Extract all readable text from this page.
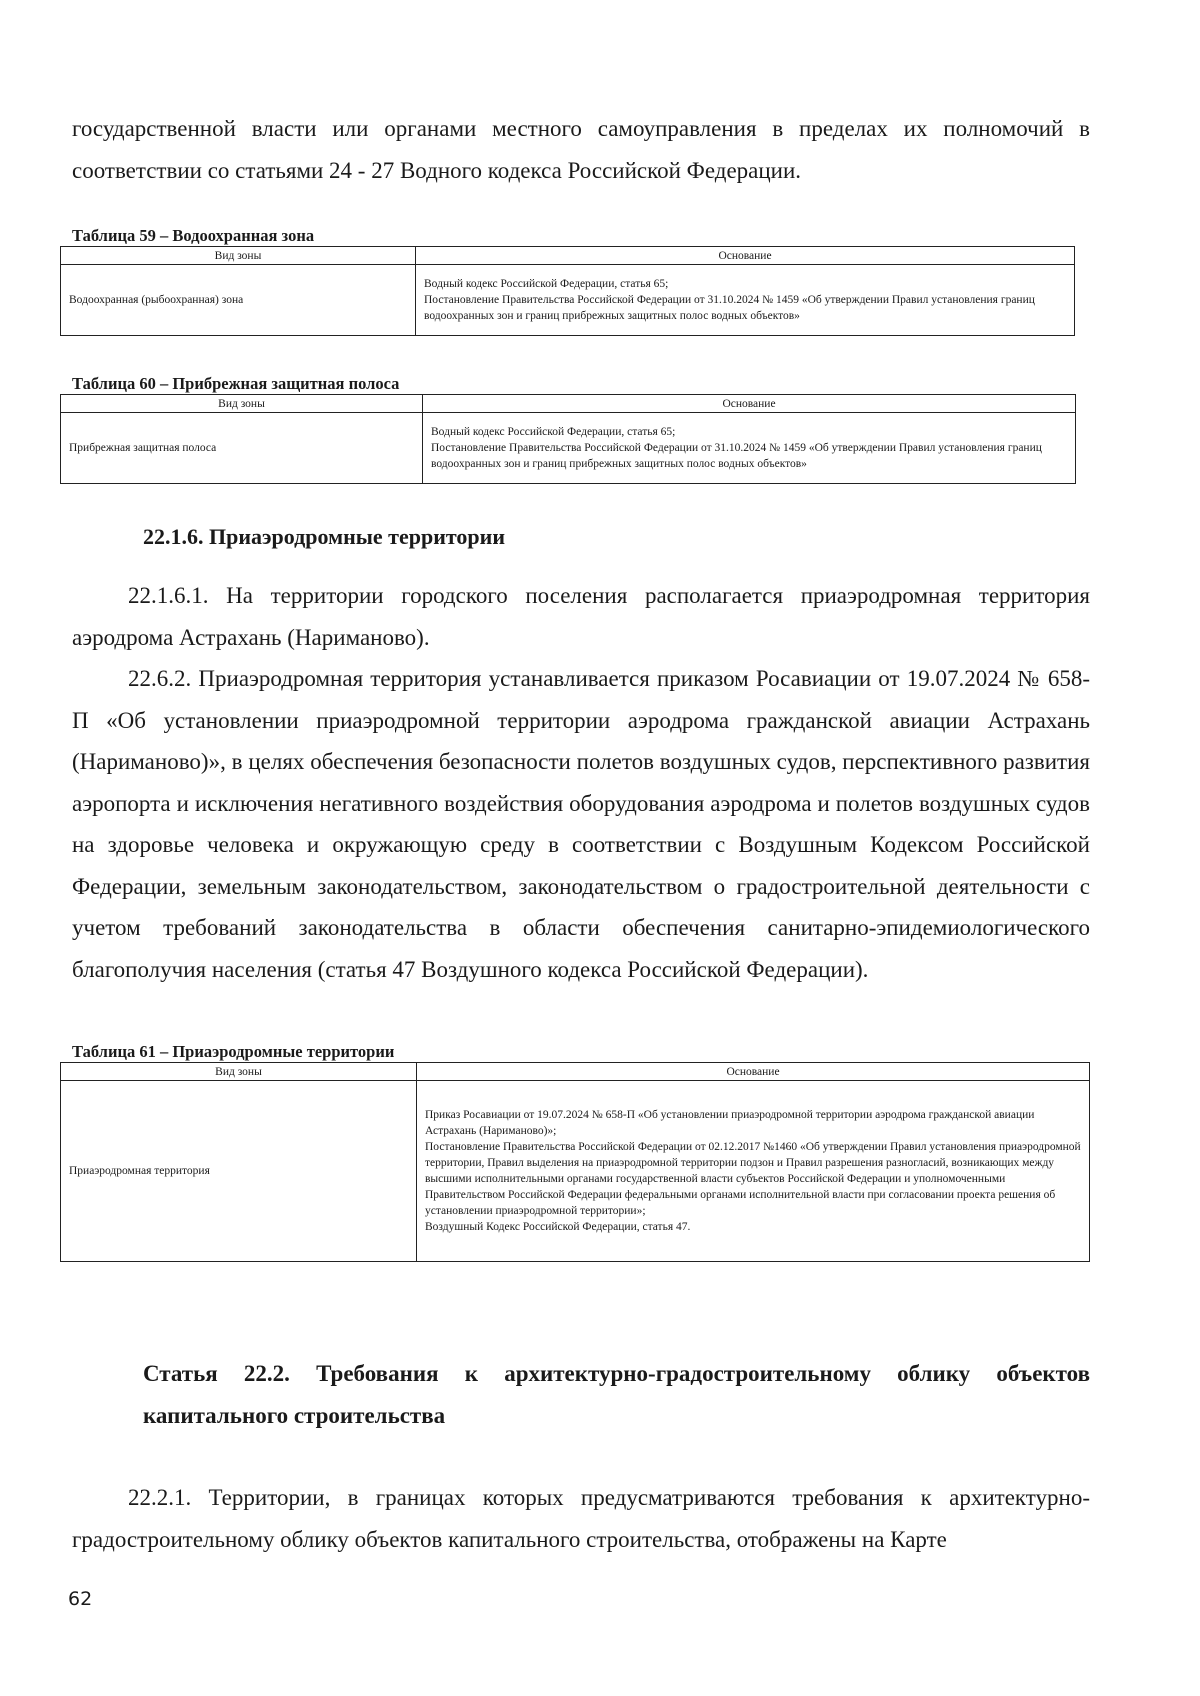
государственной власти или органами местного самоуправления в пределах их полномочий в соответствии со статьями 24 - 27 Водного кодекса Российской Федерации.

Таблица 59 – Водоохранная зона

Вид зоны	Основание
Водоохранная (рыбоохранная) зона	Водный кодекс Российской Федерации, статья 65;
Постановление Правительства Российской Федерации от 31.10.2024 № 1459 «Об утверждении Правил установления границ водоохранных зон и границ прибрежных защитных полос водных объектов»

Таблица 60 – Прибрежная защитная полоса

Вид зоны	Основание
Прибрежная защитная полоса	Водный кодекс Российской Федерации, статья 65;
Постановление Правительства Российской Федерации от 31.10.2024 № 1459 «Об утверждении Правил установления границ водоохранных зон и границ прибрежных защитных полос водных объектов»

22.1.6. Приаэродромные территории

22.1.6.1. На территории городского поселения располагается приаэродромная территория аэродрома Астрахань (Нариманово).

22.6.2. Приаэродромная территория устанавливается приказом Росавиации от 19.07.2024 № 658-П «Об установлении приаэродромной территории аэродрома гражданской авиации Астрахань (Нариманово)», в целях обеспечения безопасности полетов воздушных судов, перспективного развития аэропорта и исключения негативного воздействия оборудования аэродрома и полетов воздушных судов на здоровье человека и окружающую среду в соответствии с Воздушным Кодексом Российской Федерации, земельным законодательством, законодательством о градостроительной деятельности с учетом требований законодательства в области обеспечения санитарно-эпидемиологического благополучия населения (статья 47 Воздушного кодекса Российской Федерации).

Таблица 61 – Приаэродромные территории

Вид зоны	Основание
Приаэродромная территория	Приказ Росавиации от 19.07.2024 № 658-П «Об установлении приаэродромной территории аэродрома гражданской авиации Астрахань (Нариманово)»;
Постановление Правительства Российской Федерации от 02.12.2017 №1460 «Об утверждении Правил установления приаэродромной территории, Правил выделения на приаэродромной территории подзон и Правил разрешения разногласий, возникающих между высшими исполнительными органами государственной власти субъектов Российской Федерации и уполномоченными Правительством Российской Федерации федеральными органами исполнительной власти при согласовании проекта решения об установлении приаэродромной территории»;
Воздушный Кодекс Российской Федерации, статья 47.

Статья 22.2. Требования к архитектурно-градостроительному облику объектов капитального строительства

22.2.1. Территории, в границах которых предусматриваются требования к архитектурно-градостроительному облику объектов капитального строительства, отображены на Карте

62
